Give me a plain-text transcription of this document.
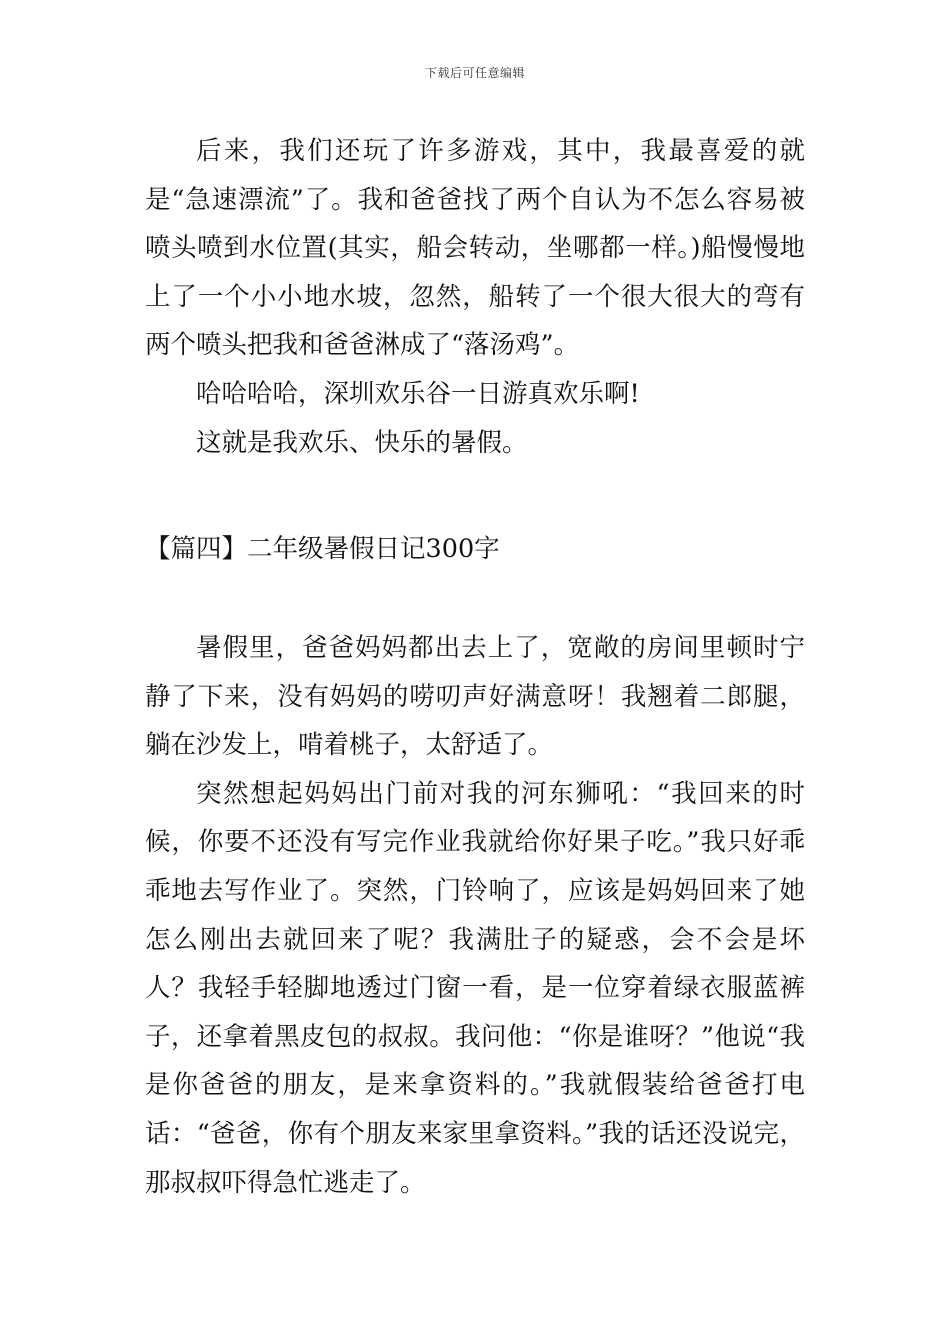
下载后可任意编辑

后来，我们还玩了许多游戏，其中，我最喜爱的就是“急速漂流”了。我和爸爸找了两个自认为不怎么容易被喷头喷到水位置(其实，船会转动，坐哪都一样。)船慢慢地上了一个小小地水坡，忽然，船转了一个很大很大的弯有两个喷头把我和爸爸淋成了“落汤鸡”。

哈哈哈哈，深圳欢乐谷一日游真欢乐啊!

这就是我欢乐、快乐的暑假。

【篇四】二年级暑假日记300字

暑假里，爸爸妈妈都出去上了，宽敞的房间里顿时宁静了下来，没有妈妈的唠叨声好满意呀！我翘着二郎腿，躺在沙发上，啃着桃子，太舒适了。

突然想起妈妈出门前对我的河东狮吼：“我回来的时候，你要不还没有写完作业我就给你好果子吃。”我只好乖乖地去写作业了。突然，门铃响了，应该是妈妈回来了她怎么刚出去就回来了呢？我满肚子的疑惑，会不会是坏人？我轻手轻脚地透过门窗一看，是一位穿着绿衣服蓝裤子，还拿着黑皮包的叔叔。我问他：“你是谁呀？”他说“我是你爸爸的朋友，是来拿资料的。”我就假装给爸爸打电话：“爸爸，你有个朋友来家里拿资料。”我的话还没说完，那叔叔吓得急忙逃走了。
